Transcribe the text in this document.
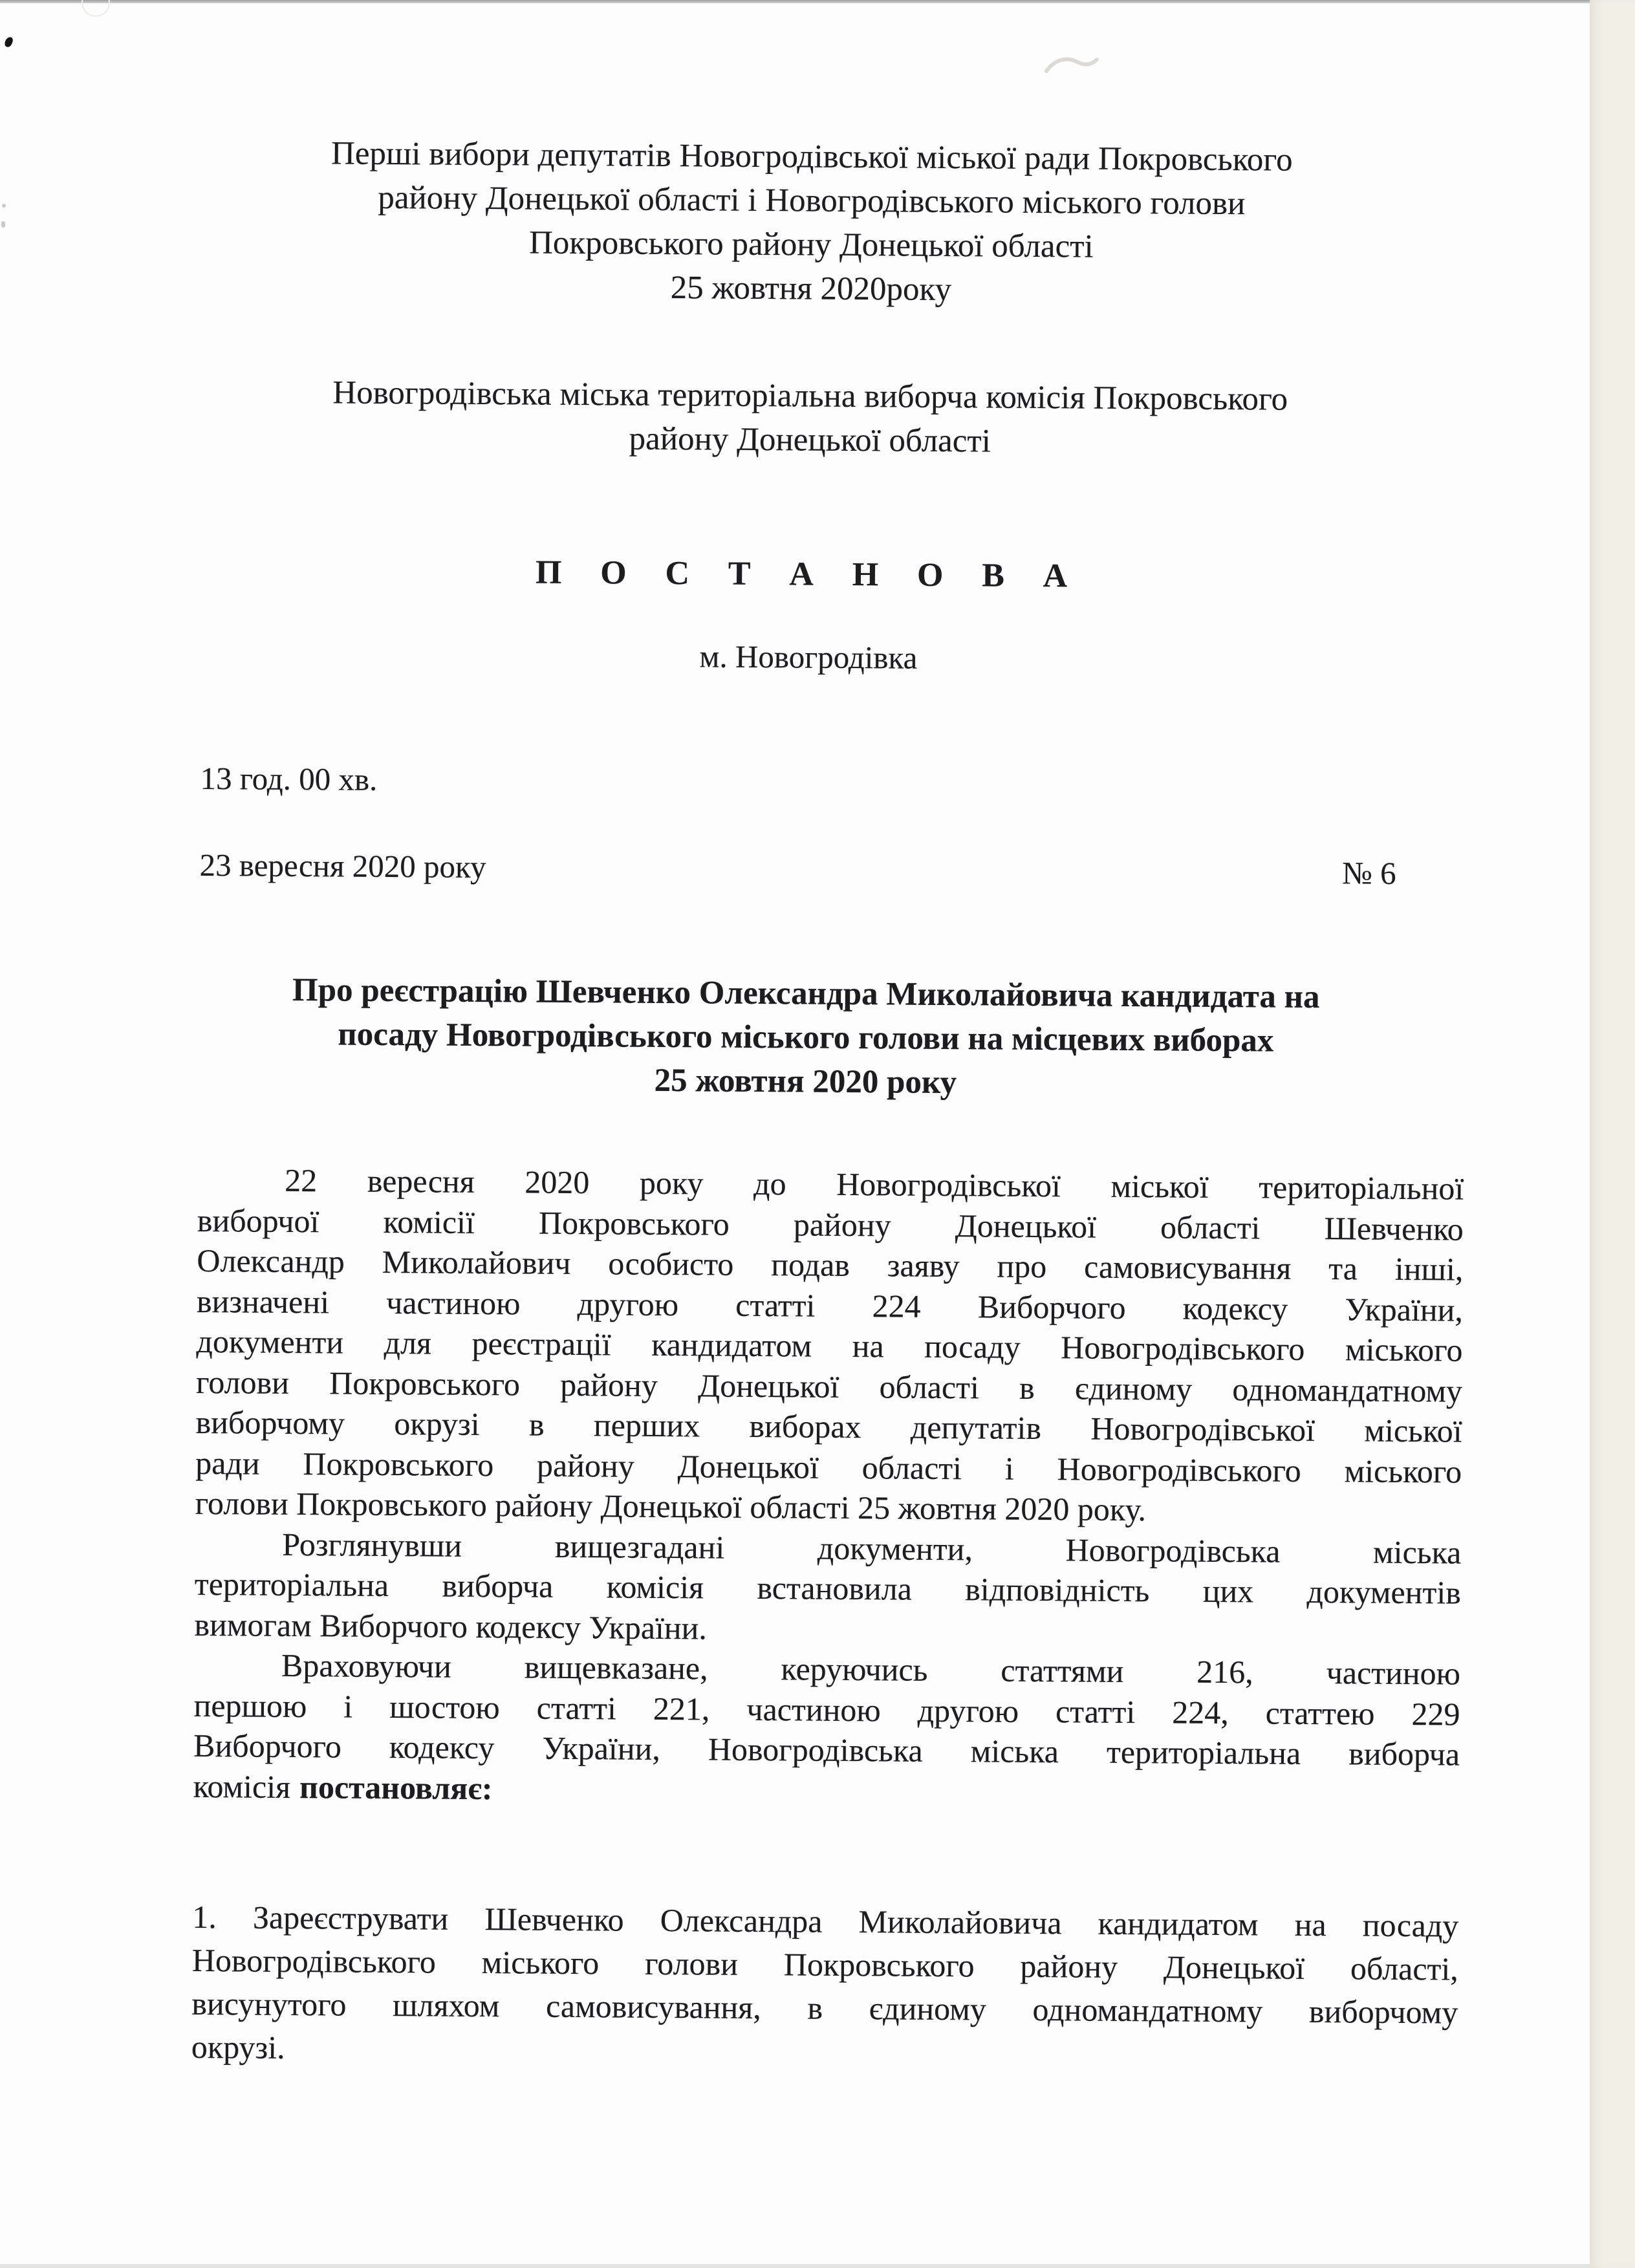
Перші вибори депутатів Новогродівської міської ради Покровського
району Донецької області і Новогродівського міського голови
Покровського району Донецької області
25 жовтня 2020року
Новогродівська міська територіальна виборча комісія Покровського
району Донецької області
П О С Т А Н О В А
м. Новогродівка
13 год. 00 хв.
23 вересня 2020 року	№ 6
Про реєстрацію Шевченко Олександра Миколайовича кандидата на
посаду Новогродівського міського голови на місцевих виборах
25 жовтня 2020 року
22 вересня 2020 року до Новогродівської міської територіальної
виборчої комісії Покровського району Донецької області Шевченко
Олександр Миколайович особисто подав заяву про самовисування та інші,
визначені частиною другою статті 224 Виборчого кодексу України,
документи для реєстрації кандидатом на посаду Новогродівського міського
голови Покровського району Донецької області в єдиному одномандатному
виборчому окрузі в перших виборах депутатів Новогродівської міської
ради Покровського району Донецької області і Новогродівського міського
голови Покровського району Донецької області 25 жовтня 2020 року.
Розглянувши вищезгадані документи, Новогродівська міська
територіальна виборча комісія встановила відповідність цих документів
вимогам Виборчого кодексу України.
Враховуючи вищевказане, керуючись статтями 216, частиною
першою і шостою статті 221, частиною другою статті 224, статтею 229
Виборчого кодексу України, Новогродівська міська територіальна виборча
комісія постановляє:
1. Зареєструвати Шевченко Олександра Миколайовича кандидатом на посаду
Новогродівського міського голови Покровського району Донецької області,
висунутого шляхом самовисування, в єдиному одномандатному виборчому
окрузі.
